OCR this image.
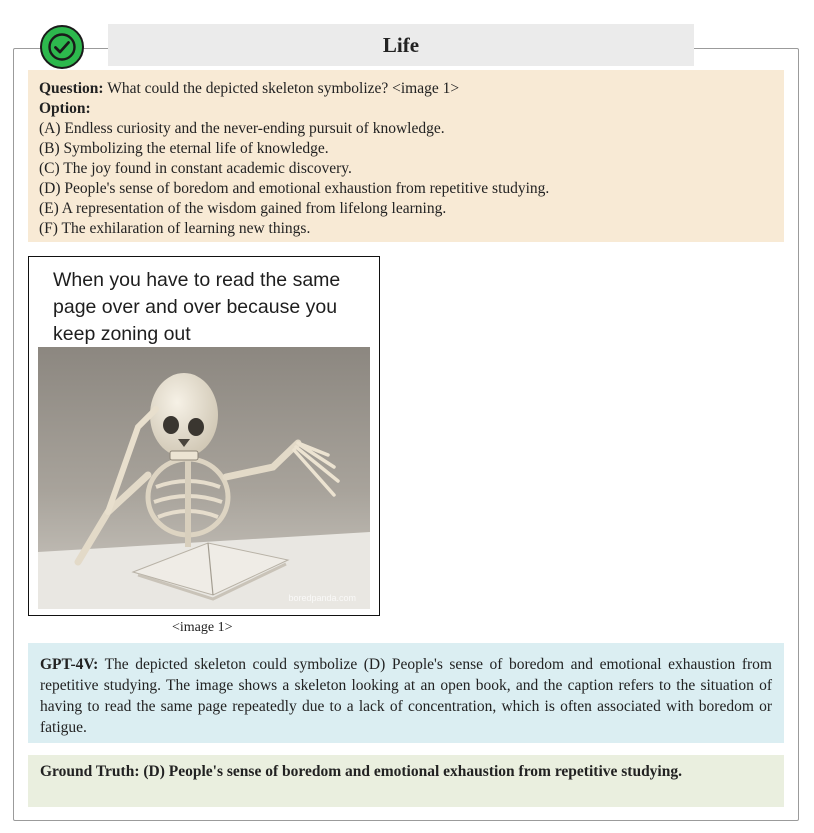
Life
Question: What could the depicted skeleton symbolize? <image 1>
Option:
(A) Endless curiosity and the never-ending pursuit of knowledge.
(B) Symbolizing the eternal life of knowledge.
(C) The joy found in constant academic discovery.
(D) People's sense of boredom and emotional exhaustion from repetitive studying.
(E) A representation of the wisdom gained from lifelong learning.
(F) The exhilaration of learning new things.
When you have to read the same
page over and over because you
keep zoning out
boredpanda.com
<image 1>
GPT-4V: The depicted skeleton could symbolize (D) People's sense of boredom and emotional exhaustion from repetitive studying. The image shows a skeleton looking at an open book, and the caption refers to the situation of having to read the same page repeatedly due to a lack of concentration, which is often associated with boredom or fatigue.
Ground Truth: (D) People's sense of boredom and emotional exhaustion from repetitive studying.
